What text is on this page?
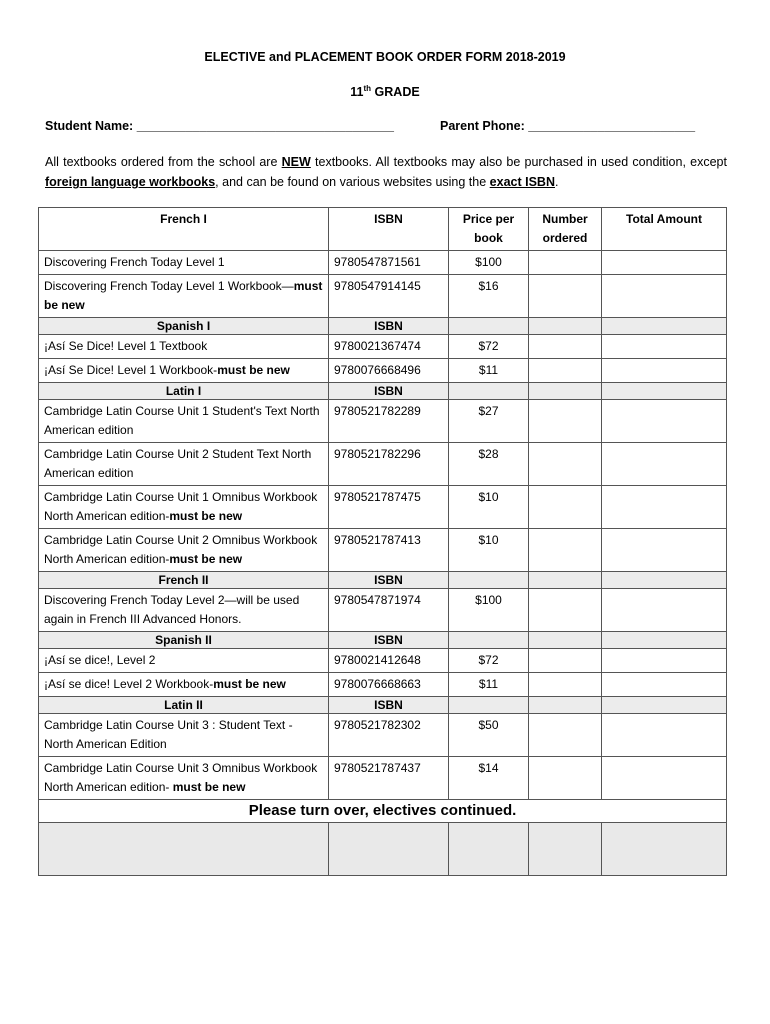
ELECTIVE and PLACEMENT BOOK ORDER FORM 2018-2019
11th GRADE
Student Name: _____________________________________	Parent Phone: ________________________
All textbooks ordered from the school are NEW textbooks. All textbooks may also be purchased in used condition, except foreign language workbooks, and can be found on various websites using the exact ISBN.
French I	ISBN	Price per book	Number ordered	Total Amount
Discovering French Today Level 1	9780547871561	$100		
Discovering French Today Level 1 Workbook—must be new	9780547914145	$16		
Spanish I	ISBN			
¡Así Se Dice! Level 1 Textbook	9780021367474	$72		
¡Así Se Dice! Level 1 Workbook-must be new	9780076668496	$11		
Latin I	ISBN			
Cambridge Latin Course Unit 1 Student's Text North American edition	9780521782289	$27		
Cambridge Latin Course Unit 2 Student Text North American edition	9780521782296	$28		
Cambridge Latin Course Unit 1 Omnibus Workbook North American edition-must be new	9780521787475	$10		
Cambridge Latin Course Unit 2 Omnibus Workbook North American edition-must be new	9780521787413	$10		
French II	ISBN			
Discovering French Today Level 2—will be used again in French III Advanced Honors.	9780547871974	$100		
Spanish II	ISBN			
¡Así se dice!, Level 2	9780021412648	$72		
¡Así se dice! Level 2 Workbook-must be new	9780076668663	$11		
Latin II	ISBN			
Cambridge Latin Course Unit 3 : Student Text - North American Edition	9780521782302	$50		
Cambridge Latin Course Unit 3 Omnibus Workbook North American edition- must be new	9780521787437	$14		
Please turn over, electives continued.				
